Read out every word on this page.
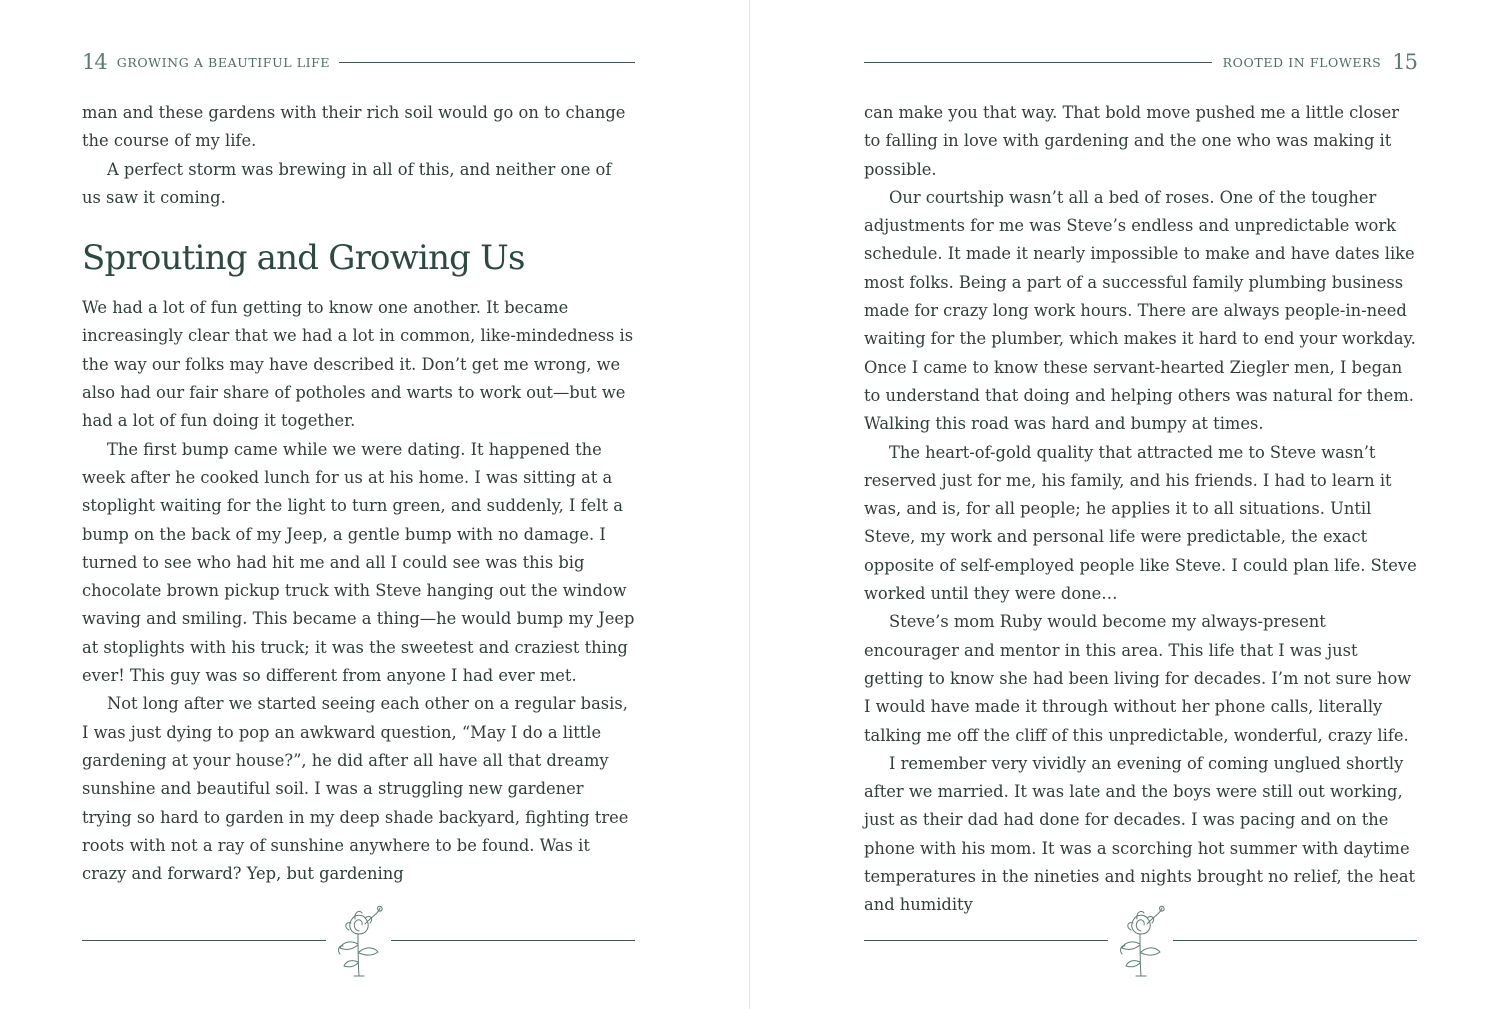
14 GROWING A BEAUTIFUL LIFE

man and these gardens with their rich soil would go on to change the course of my life.

A perfect storm was brewing in all of this, and neither one of us saw it coming.

Sprouting and Growing Us

We had a lot of fun getting to know one another. It became increasingly clear that we had a lot in common, like-mindedness is the way our folks may have described it. Don’t get me wrong, we also had our fair share of potholes and warts to work out—but we had a lot of fun doing it together.

The first bump came while we were dating. It happened the week after he cooked lunch for us at his home. I was sitting at a stoplight waiting for the light to turn green, and suddenly, I felt a bump on the back of my Jeep, a gentle bump with no damage. I turned to see who had hit me and all I could see was this big chocolate brown pickup truck with Steve hanging out the window waving and smiling. This became a thing—he would bump my Jeep at stoplights with his truck; it was the sweetest and craziest thing ever! This guy was so different from anyone I had ever met.

Not long after we started seeing each other on a regular basis, I was just dying to pop an awkward question, “May I do a little gardening at your house?”, he did after all have all that dreamy sunshine and beautiful soil. I was a struggling new gardener trying so hard to garden in my deep shade backyard, fighting tree roots with not a ray of sunshine anywhere to be found. Was it crazy and forward? Yep, but gardening

ROOTED IN FLOWERS 15

can make you that way. That bold move pushed me a little closer to falling in love with gardening and the one who was making it possible.

Our courtship wasn’t all a bed of roses. One of the tougher adjustments for me was Steve’s endless and unpredictable work schedule. It made it nearly impossible to make and have dates like most folks. Being a part of a successful family plumbing business made for crazy long work hours. There are always people-in-need waiting for the plumber, which makes it hard to end your workday. Once I came to know these servant-hearted Ziegler men, I began to understand that doing and helping others was natural for them. Walking this road was hard and bumpy at times.

The heart-of-gold quality that attracted me to Steve wasn’t reserved just for me, his family, and his friends. I had to learn it was, and is, for all people; he applies it to all situations. Until Steve, my work and personal life were predictable, the exact opposite of self-employed people like Steve. I could plan life. Steve worked until they were done…

Steve’s mom Ruby would become my always-present encourager and mentor in this area. This life that I was just getting to know she had been living for decades. I’m not sure how I would have made it through without her phone calls, literally talking me off the cliff of this unpredictable, wonderful, crazy life.

I remember very vividly an evening of coming unglued shortly after we married. It was late and the boys were still out working, just as their dad had done for decades. I was pacing and on the phone with his mom. It was a scorching hot summer with daytime temperatures in the nineties and nights brought no relief, the heat and humidity
